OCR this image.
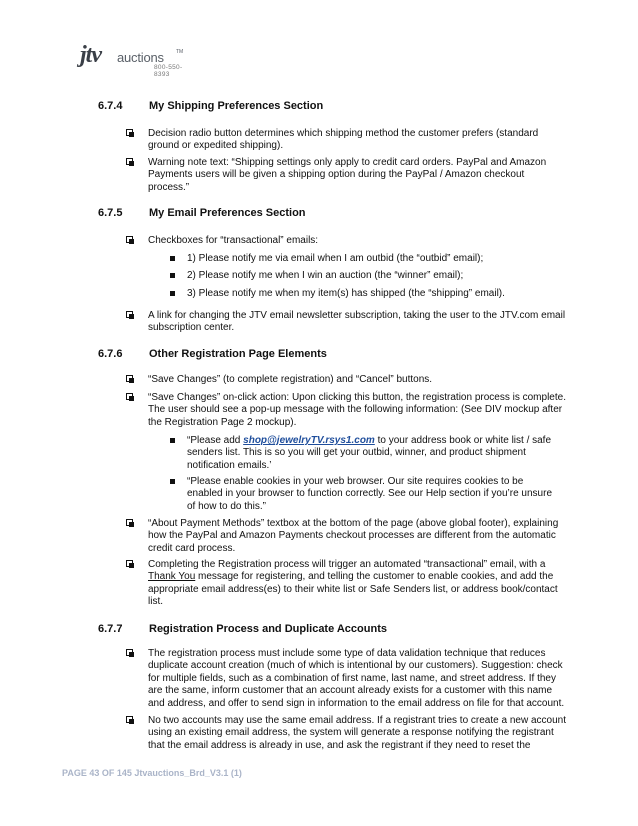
jtv auctions TM
800-550-8393
6.7.4 My Shipping Preferences Section
Decision radio button determines which shipping method the customer prefers (standard ground or expedited shipping).
Warning note text: “Shipping settings only apply to credit card orders. PayPal and Amazon Payments users will be given a shipping option during the PayPal / Amazon checkout process.”
6.7.5 My Email Preferences Section
Checkboxes for “transactional” emails:
1) Please notify me via email when I am outbid (the “outbid” email);
2) Please notify me when I win an auction (the “winner” email);
3) Please notify me when my item(s) has shipped (the “shipping” email).
A link for changing the JTV email newsletter subscription, taking the user to the JTV.com email subscription center.
6.7.6 Other Registration Page Elements
“Save Changes” (to complete registration) and “Cancel” buttons.
“Save Changes” on-click action: Upon clicking this button, the registration process is complete. The user should see a pop-up message with the following information: (See DIV mockup after the Registration Page 2 mockup).
“Please add shop@jewelryTV.rsys1.com to your address book or white list / safe senders list. This is so you will get your outbid, winner, and product shipment notification emails.’
“Please enable cookies in your web browser. Our site requires cookies to be enabled in your browser to function correctly. See our Help section if you’re unsure of how to do this.”
“About Payment Methods” textbox at the bottom of the page (above global footer), explaining how the PayPal and Amazon Payments checkout processes are different from the automatic credit card process.
Completing the Registration process will trigger an automated “transactional” email, with a Thank You message for registering, and telling the customer to enable cookies, and add the appropriate email address(es) to their white list or Safe Senders list, or address book/contact list.
6.7.7 Registration Process and Duplicate Accounts
The registration process must include some type of data validation technique that reduces duplicate account creation (much of which is intentional by our customers). Suggestion: check for multiple fields, such as a combination of first name, last name, and street address. If they are the same, inform customer that an account already exists for a customer with this name and address, and offer to send sign in information to the email address on file for that account.
No two accounts may use the same email address. If a registrant tries to create a new account using an existing email address, the system will generate a response notifying the registrant that the email address is already in use, and ask the registrant if they need to reset the
PAGE 43 OF 145 Jtvauctions_Brd_V3.1 (1)
